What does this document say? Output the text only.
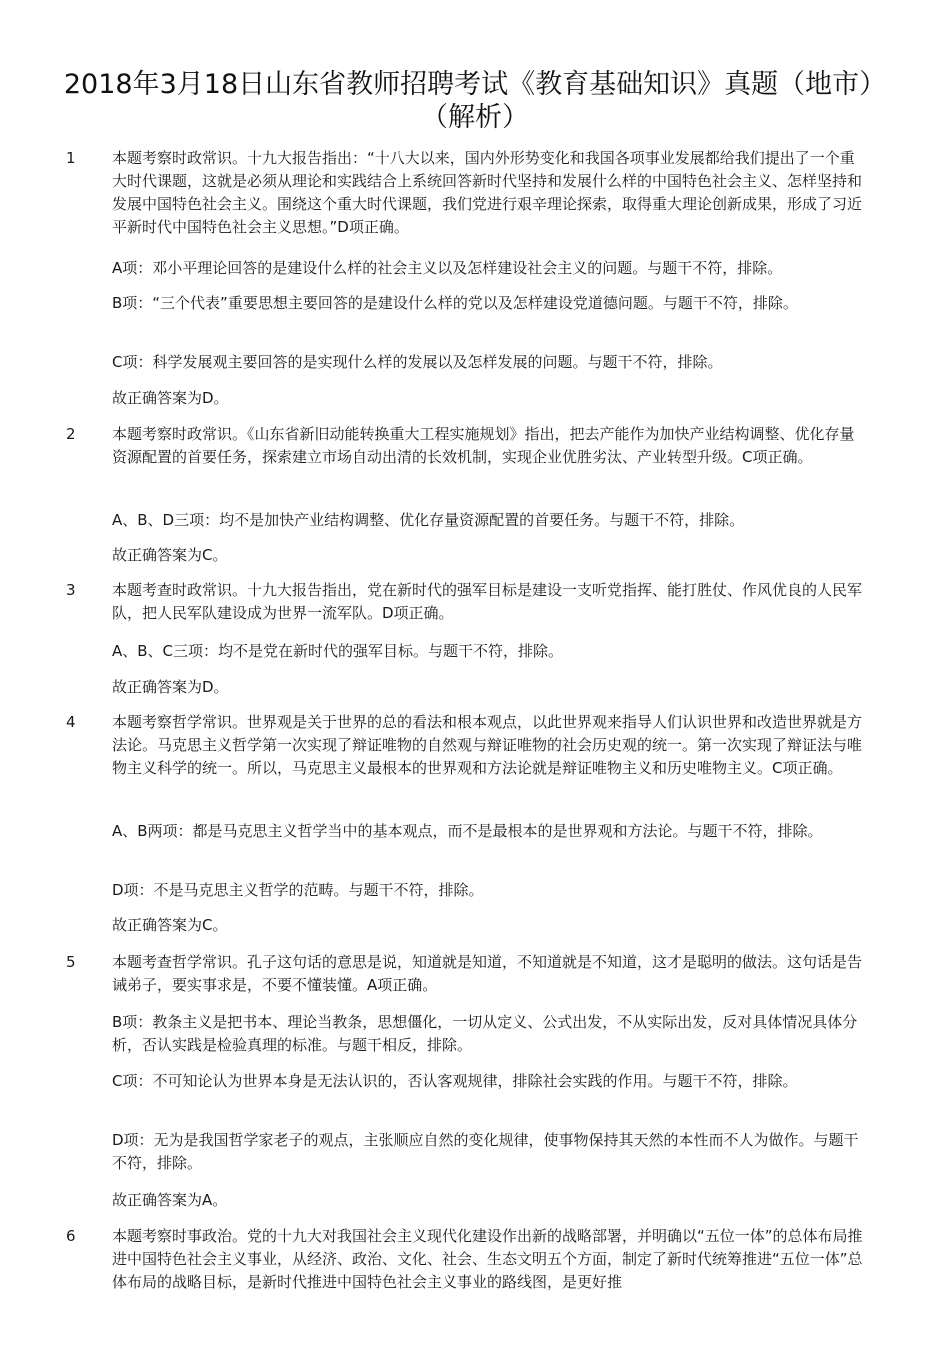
2018年3月18日山东省教师招聘考试《教育基础知识》真题（地市）（解析）
1 本题考察时政常识。十九大报告指出：“十八大以来，国内外形势变化和我国各项事业发展都给我们提出了一个重大时代课题，这就是必须从理论和实践结合上系统回答新时代坚持和发展什么样的中国特色社会主义、怎样坚持和发展中国特色社会主义。围绕这个重大时代课题，我们党进行艰辛理论探索，取得重大理论创新成果，形成了习近平新时代中国特色社会主义思想。”D项正确。

A项：邓小平理论回答的是建设什么样的社会主义以及怎样建设社会主义的问题。与题干不符，排除。

B项：“三个代表”重要思想主要回答的是建设什么样的党以及怎样建设党道德问题。与题干不符，排除。

C项：科学发展观主要回答的是实现什么样的发展以及怎样发展的问题。与题干不符，排除。

故正确答案为D。

2 本题考察时政常识。《山东省新旧动能转换重大工程实施规划》指出，把去产能作为加快产业结构调整、优化存量资源配置的首要任务，探索建立市场自动出清的长效机制，实现企业优胜劣汰、产业转型升级。C项正确。

A、B、D三项：均不是加快产业结构调整、优化存量资源配置的首要任务。与题干不符，排除。

故正确答案为C。

3 本题考查时政常识。十九大报告指出，党在新时代的强军目标是建设一支听党指挥、能打胜仗、作风优良的人民军队，把人民军队建设成为世界一流军队。D项正确。

A、B、C三项：均不是党在新时代的强军目标。与题干不符，排除。

故正确答案为D。

4 本题考察哲学常识。世界观是关于世界的总的看法和根本观点，以此世界观来指导人们认识世界和改造世界就是方法论。马克思主义哲学第一次实现了辩证唯物的自然观与辩证唯物的社会历史观的统一。第一次实现了辩证法与唯物主义科学的统一。所以，马克思主义最根本的世界观和方法论就是辩证唯物主义和历史唯物主义。C项正确。

A、B两项：都是马克思主义哲学当中的基本观点，而不是最根本的是世界观和方法论。与题干不符，排除。

D项：不是马克思主义哲学的范畴。与题干不符，排除。

故正确答案为C。

5 本题考查哲学常识。孔子这句话的意思是说，知道就是知道，不知道就是不知道，这才是聪明的做法。这句话是告诫弟子，要实事求是，不要不懂装懂。A项正确。

B项：教条主义是把书本、理论当教条，思想僵化，一切从定义、公式出发，不从实际出发，反对具体情况具体分析，否认实践是检验真理的标准。与题干相反，排除。

C项：不可知论认为世界本身是无法认识的，否认客观规律，排除社会实践的作用。与题干不符，排除。

D项：无为是我国哲学家老子的观点，主张顺应自然的变化规律，使事物保持其天然的本性而不人为做作。与题干不符，排除。

故正确答案为A。

6 本题考察时事政治。党的十九大对我国社会主义现代化建设作出新的战略部署，并明确以“五位一体”的总体布局推进中国特色社会主义事业，从经济、政治、文化、社会、生态文明五个方面，制定了新时代统筹推进“五位一体”总体布局的战略目标，是新时代推进中国特色社会主义事业的路线图，是更好推
